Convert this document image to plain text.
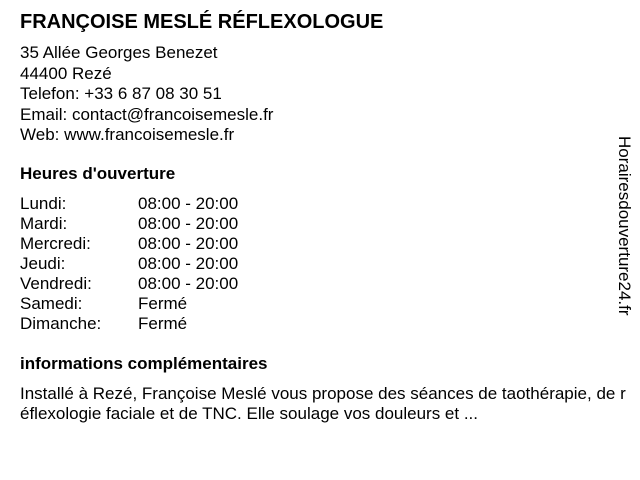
FRANÇOISE MESLÉ RÉFLEXOLOGUE
35 Allée Georges Benezet
44400 Rezé
Telefon: +33 6 87 08 30 51
Email: contact@francoisemesle.fr
Web: www.francoisemesle.fr
Heures d'ouverture
Lundi:	08:00 - 20:00
Mardi:	08:00 - 20:00
Mercredi:	08:00 - 20:00
Jeudi:	08:00 - 20:00
Vendredi:	08:00 - 20:00
Samedi:	Fermé
Dimanche: Fermé
informations complémentaires
Installé à Rezé, Françoise Meslé vous propose des séances de taothérapie, de réflexologie faciale et de TNC. Elle soulage vos douleurs et ...
Horairesdouverture24.fr
